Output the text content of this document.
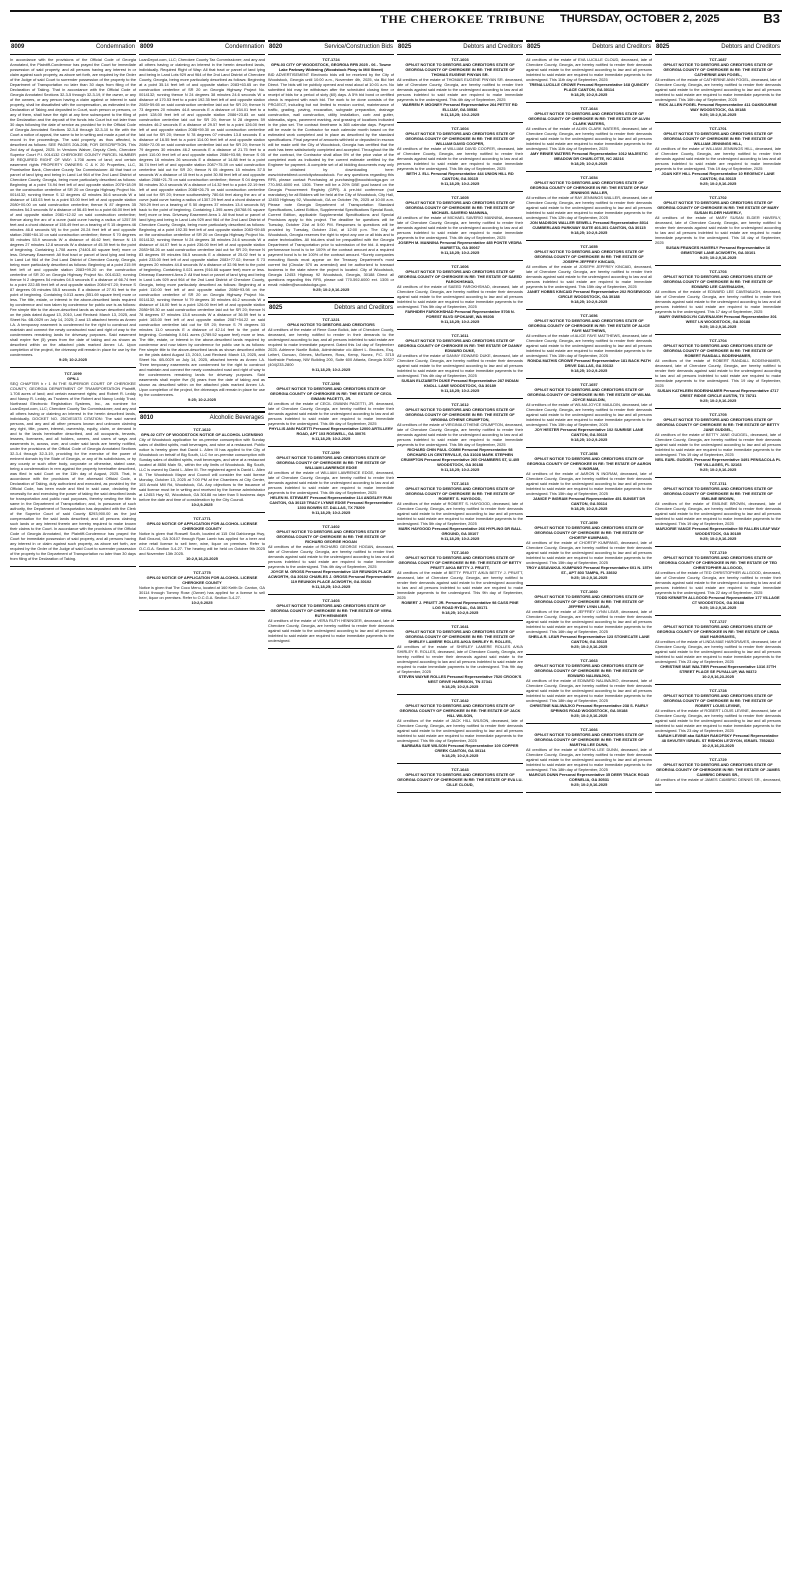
THE CHEROKEE TRIBUNE THURSDAY, OCTOBER 2, 2025	B3
8009	Condemnation
In accordance with the provisions of the Official Code of Georgia Annotated, the Plaintiff-Condemnor has prayed the Court for immediate possession of said property, and all persons having any interest in or claim against such property, as above set forth, are required by the Order of the Judge of said Court to surrender possession of the property to the Department of Transportation no later than 30 days from filing of the Declaration of Taking. That in accordance with the Official Code of Georgia Annotated Sections 32-3-5 through 32-3-19, if the owner, or any of the owners, or any person having a claim against or interest in said property, shall be dissatisfied with the compensation, as estimated in the Declaration of Taking and deposited in Court, such person or persons, or any of them, shall have the right at any time subsequent to the filing of the Declaration and the deposit of the funds into Court but not later than 30 days following the date of service as provided for in the Official Code of Georgia Annotated Sections 32-3-8 through 32-3-10 to file with the Court a notice of appeal, the same to be in writing and made a part of the record in the proceedings. The said property, as thus affected, is described as follows: SEE PAGES 20A-20B; FOR DESCRIPTION. This 2nd day of August, 2025. In Versions Waiver, Deputy Clerk, Cherokee Superior Court P.I. 0014132 CHEROKEE COUNTY PARCEL NUMBER 39 REQUIRED RIGHT OF WAY: 1.708 acres of land; and certain easement rights PROPERTY OWNERS: C & K 20 Properties, LLC, Promiseline Bank, Cherokee County Tax Commissioner. All that tract or parcel of land lying and being in Land Lot 964 of the 2nd Land District of Cherokee County, Georgia, being more particularly described as follows: Beginning at a point 74.94 feet left of and opposite station 2078+18.09 on the construction centerline of SR 20 on Georgia Highway Project No. 0014132; running thence S 12 degrees 42 minutes 36.6 seconds W a distance of 183.03 feet to a point 53.00 feet left of and opposite station 2080+00.00 on said construction centerline; thence N 87 degrees 35 minutes 54.3 seconds W a distance of 56.45 feet to a point 66.00 feet left of and opposite station 2081+12.02 on said construction centerline; thence along the arc of a curve (said curve having a radius of 1257.59 feet and a chord distance of 155.49 feet on a bearing of S 15 degrees 46 minutes 46.8 seconds W) to the point 20.24 feet left of and opposite station 2080+84.10 on said construction centerline; thence S 70 degrees 55 minutes 53.9 seconds W a distance of 46.62 feet; thence N 15 degrees 27 minutes 12.8 seconds W a distance of 45.39 feet to the point of beginning. Containing 1.708 acres (74401.60 square feet) more or less. Driveway Easement: All that tract or parcel of land lying and being in Land Lot 964 of the 2nd Land District of Cherokee County, Georgia, being more particularly described as follows: Beginning at a point 215.99 feet left of and opposite station 2083+99.20 on the construction centerline of SR 20 on Georgia Highway Project No. 0014132; running thence N 2 degrees 54 minutes 04.5 seconds E a distance of 66.74 feet to a point 222.85 feet left of and opposite station 2084+67.20; thence S 87 degrees 05 minutes 55.5 seconds E a distance of 27.91 feet to the point of beginning. Containing 0.013 acres (551.69 square feet) more or less. The title, estate, or interest in the above-described lands required by condemnor and now taken by condemnor for public use is as follows: Fee simple title to the above-described lands as shown described within on the plats dated August 13, 2010, Last Revised: March 13, 2025, and Sheet No. 6B-0029 on July 14, 2025; 2 and 13 attached hereto as Annex I-A. A temporary easement is condemned for the right to construct and maintain and connect the newly constructed road and right of way to the condemnees remaining lands for driveway purposes. Said easement shall expire five (5) years from the date of taking and as shown as described within on the attached plats marked Annex I-A. Upon completion of the project, the driveway will remain in place for use by the condemnees.
9:25; 10:2-2025
TCT-1099
GPN-1
SEQ CHAPTER h r 1 IN THE SUPERIOR COURT OF CHEROKEE COUNTY, GEORGIA DEPARTMENT OF TRANSPORTATION Plaintiff, 1.708 acres of land; and certain easement rights; and Robert R. Leddy and Nancy R. Leddy, as Trustees of the Robert and Nancy Leddy Trust; Northeast Electronic Registration Systems, Inc., as nominee for LoanDepot.com, LLC; Cherokee County Tax Commissioner; and any and all others having or claiming an interest in the herein described lands, individually. DOCKET NO. 25CVE1573 CITATION: The said named persons, and any and all other persons known and unknown claiming any right, title, power, interest, ownership, equity, claim, or demand in and to the lands hereinafter described, and all occupants, tenants, lessees, licensees, and all holders, owners, and users of ways and easements in, across, over, and under said lands are hereby notified, under the provisions of the Official Code of Georgia Annotated Sections 32-3-4 through 32-3-19, providing for the exercise of the power of eminent domain by the State of Georgia, or any of its subdivisions, or by any county or such other body, corporate or otherwise, stated case, being a condemnation in rem against the property hereinafter described, was filed in said Court on the 11th day of August, 2025. That, in accordance with the provisions of the aforesaid Official Code, a Declaration of Taking, duly authorized and executed, as provided by the Official Code, has been made and filed in said case, declaring the necessity for and exercising the power of taking the said described lands for transportation and public road purposes, thereby vesting the title to same in the Department of Transportation; and, in pursuance of such authority, the Department of Transportation has deposited with the Clerk of the Superior Court of said County $293,900.00 as the just compensation for the said lands described; and all persons claiming such lands or any interest therein are hereby required to make known their claims to the Court. In accordance with the provisions of the Official Code of Georgia Annotated, the Plaintiff-Condemnor has prayed the Court for immediate possession of said property, and all persons having any interest in or claim against such property, as above set forth, are required by the Order of the Judge of said Court to surrender possession of the property to the Department of Transportation no later than 30 days from filing of the Declaration of Taking.
8009	Condemnation
LoanDepot.com, LLC; Cherokee County Tax Commissioner; and any and all others having or claiming an interest in the herein described lands, individually. Required Right of Way: All that tract or parcel of land lying and being in Land Lots 929 and 964 of the 2nd Land District of Cherokee County, Georgia, being more particularly described as follows: Beginning at a point 35.14 feet left of and opposite station 2083+63.65 on the construction centerline of SR 20 on Georgia Highway Project No. 0014132; running thence N 24 degrees 38 minutes 24.6 seconds W a distance of 170.53 feet to a point 192.35 feet left of and opposite station 2083+59.65 on said construction centerline laid out for SR 20; thence N 73 degrees 20 minutes 44.8 seconds E a distance of 154.01 feet to a point 128.00 feet left of and opposite station 2086+23.83 on said construction centerline laid out for SR 20; thence N 28 degrees 59 minutes 46.2 seconds E a distance of 29.57 feet to a point 126.00 feet left of and opposite station 2086+59.30 on said construction centerline laid out for SR 20; thence N 78 degrees 07 minutes 13.8 seconds E a distance of 16.55 feet to a point 114.00 feet left of and opposite station 2086+72.05 on said construction centerline laid out for SR 20; thence N 79 degrees 30 minutes 46.2 seconds E a distance of 21.75 feet to a point 110.00 feet left of and opposite station 2086+93.98; thence S 05 degrees 16 minutes 26 seconds E a distance of 14.88 feet to a point 36.74 feet left of and opposite station 2087+75.39 on said construction centerline laid out for SR 20; thence N 05 degrees 15 minutes 37.5 seconds W a distance of 15 feet to a point 30.98 feet left of and opposite station 2088+21.75 on said construction centerline; thence S 04 degrees 56 minutes 30.4 seconds W a distance of 14.32 feet to a point 22.19 feet left of and opposite station 2088+26.75 on said construction centerline laid out for SR 20; thence southwesterly 780.64 feet along the arc of a curve (said curve having a radius of 1307.29 feet and a chord distance of 769.29 feet on a bearing of S 50 degrees 37 minutes 13.4 seconds W) back to the point of beginning. Containing 1.395 acres (60768.91 square feet) more or less. Driveway Easement Area 1: All that tract or parcel of land lying and being in Land Lots 929 and 964 of the 2nd Land District of Cherokee County, Georgia, being more particularly described as follows: Beginning at a point 192.35 feet left of and opposite station 2083+59.65 on the construction centerline of SR 20 on Georgia Highway Project No. 0014132; running thence N 24 degrees 38 minutes 24.6 seconds W a distance of 44.07 feet to a point 236.00 feet left of and opposite station 2083+58.26 on said construction centerline laid out for SR 20; thence N 83 degrees 09 minutes 56.5 seconds E a distance of 25.02 feet to a point 233.00 feet left of and opposite station 2083+77.02; thence S 73 degrees 20 minutes 44.8 seconds W a distance of 32.96 feet to the point of beginning. Containing 0.021 acres (916.66 square feet) more or less. Driveway Easement Area 2: All that tract or parcel of land lying and being in Land Lots 929 and 964 of the 2nd Land District of Cherokee County, Georgia, being more particularly described as follows: Beginning at a point 110.00 feet left of and opposite station 2086+93.98 on the construction centerline of SR 20 on Georgia Highway Project No. 0014132; running thence N 79 degrees 30 minutes 46.2 seconds W a distance of 16.00 feet to a point 126.00 feet left of and opposite station 2086+59.30 on said construction centerline laid out for SR 20; thence N 78 degrees 07 minutes 13.8 seconds W a distance of 36.59 feet to a point 163.00 feet left of and opposite station 2087+54.22 on said construction centerline laid out for SR 20; thence S 79 degrees 33 minutes 11.0 seconds E a distance of 42.14 feet to the point of beginning. Containing 0.041 acres (1789.52 square feet) more or less. The title, estate, or interest in the above-described lands required by condemnor and now taken by condemnor for public use is as follows: Fee simple title to the above-described lands as shown described within on the plats dated August 13, 2010, Last Revised: March 13, 2025, and Sheet No. 6B-0029 on July 14, 2025, attached hereto as Annex I-A. Three temporary easements are condemned for the right to construct and maintain and connect the newly constructed road and right of way to the condemnees remaining lands for driveway purposes. Said easements shall expire five (5) years from the date of taking and as shown as described within on the attached plats marked Annex I-A. Upon completion of the project, the driveways will remain in place for use by the condemnees.
9:25; 10:2-2025
8010	Alcoholic Beverages
TCT-1622
GPN-02 CITY OF WOODSTOCK NOTICE OF ALCOHOL LICENSING
City of Woodstock application for on-premise consumption with Sunday sales of distilled spirits, malt beverages, and wine at a restaurant. Public notice is hereby given that David L. Allen III has applied to the City of Woodstock on behalf of Big South, LLC for on-premise consumption with Sunday sales of distilled spirits, malt beverages, and wine at a restaurant located at 8656 Main St., within the city limits of Woodstock. Big South, LLC is owned by David L. Allen III. The registered agent is David L. Allen III. The Woodstock Mayor and Council will consider the said license Monday, October 13, 2025 at 7:00 PM at the Chambers at City Center, 103 Arnold Mill Rd, Woodstock, GA. Any objections to the issuance of said license must be in writing and received by the license administrator at 12453 Hwy 92, Woodstock, GA 30188 no later than 5 business days before the date and time of consideration by the City Council.
10:2,9-2025
TCT-1771
GPN-02 NOTICE OF APPLICATION FOR ALCOHOL LICENSE CHEROKEE COUNTY
Notice is given that Roswell South, located at 115 Old Dahlonega Hwy, Ball Ground, GA 30107 through Ryan Lamb has applied for a beer and wine retail license to sell beer, wine, liquor on premises. Refer to O.C.G.A. Section 3-4-27. The hearing will be held on October 9th 2025 and November 13th 2025.
10:2,9,16,23-2025
TCT-1775
GPN-02 NOTICE OF APPLICATION FOR ALCOHOL LICENSE CHEROKEE COUNTY
Notice is given that The Coco Menu, located at 160 Keith Dr. Canton, GA 30114 through Tommy Rose (Owner) has applied for a license to sell beer, liquor on premises. Refer to O.C.G.A. Section 3-4-27.
10:2,9-2025
8020	Service/Construction Bids
TCT-1724
GPN-03 CITY OF WOODSTOCK, GEORGIA RFB 2025 - 06 - Towne Lake Parkway Widening (Woodstock Pkwy to Mill Street)
BID ADVERTISEMENT Electronic bids will be received by the City of Woodstock, Georgia until 10:00 a.m., November 4th, 2025, via Bid Net Direct. The bids will be publicly opened and read aloud at 10:01 a.m. No submitted bid may be withdrawn after the scheduled closing time or receipt of bids for a period of sixty (60) days. A 5% bid bond or certified check is required with each bid. The work to be done consists of the PROJECT, including but not limited to erosion control, maintenance of traffic, grading, paving, excavation, subgrade preparation, drainage construction, wall construction, utility installation, curb and gutter, sidewalks, signs, pavement marking, and grassing of locations indicated in the plan set. The contract timeframe is 365 calendar days. Payment will be made to the Contractor for each calendar month based on the estimated work completed and in place as described by the standard specifications. Final payment of amounts withheld or deposited in escrow will be made until the City of Woodstock, Georgia has certified that the work has been satisfactorily completed and accepted. Throughout the life of the contract, the Contractor shall allow 5% of the price value of the completed work as indicated by the current estimate certified by the Engineer for payment. A complete set of all bidding documents may only be obtained by downloading here: www.bidnetdirect.com/cityofwoodstock. For any questions regarding this RFB, please contact Purchasing at purchasing@woodstockga.gov or 770-592-6000 ext. 1305. There will be a 20% DBE goal based on the Georgia Procurement Registry (GPR). A pre-bid conference (not mandatory) for all Bidders will be held at the City of Woodstock, City Hall, 12453 Highway 92, Woodstock, GA on October 7th, 2025 at 10:00 a.m. Please note Georgia Department of Transportation Standard Specifications, Latest Edition, Supplemental Specifications Special Book, Current Edition, applicable Supplemental Specifications and Special Provisions apply to this project. The deadline for questions will be Tuesday, October 21st at 5:00 PM. Responses to questions will be provided by Tuesday, October 21st, at 12:00 p.m. The City of Woodstock, Georgia reserves the right to reject any one or all bids and to waive technicalities. All bid-ders shall be prequalified with the Georgia Department of Transportation prior to submission of the bid. A required performance bond is to be 100% of the contract amount and a required payment bond is to be 100% of the contract amount. *Surety companies executing Bonds must appear on the Treasury Department's most current list (Circular 570 as amended) and be authorized to transact business in the state where the project is located. City of Woodstock, Georgia 12453 Highway 92 Woodstock, Georgia, 30188 Direct all questions regarding this RFB, please call 770-592-6000 ext. 1305 or email: mlallen@woodstockga.gov.
9:25; 10:2,9,16-2025
8025	Debtors and Creditors
TCT-1221
GPN-6 NOTICE TO DEBTORS AND CREDITORS
All creditors of the estate of Rene Gose Bolick, late of Cherokee County, deceased, are hereby notified to render in their demands to the undersigned according to law, and all persons indebted to said estate are required to make immediate payment. Dated this 1st day of September 2025. Adrienne Noelle Bolick, Administrator c/o Albert L. Brookes, Esq. Leitert, Duncan, Grimes, McSween, Ross, Kemp, Nunez, P.C. 3715 Northside Parkway, NW Building 200, Suite 600 Atlanta, Georgia 30327 (404)233-2800
9:11,18,25; 10:2-2025
TCT-1298
GPN-07 NOTICE TO DEBTORS AND CREDITORS STATE OF GEORGIA COUNTY OF CHEROKEE IN RE: THE ESTATE OF CECIL GWANN PACETTI, JR.
All creditors of the estate of CECIL GWANN PACETTI, JR. deceased, late of Cherokee County, Georgia, are hereby notified to render their demands against said estate to the undersigned according to law and all persons indebted to said estate are required to make immediate payments to the undersigned. This 4th day of September, 2025
PHYLLIS ANN PACETTI Personal Representative 12000 ARTILLERY ROAD, APT 103 ROSWELL, GA 30076
9:11,18,25; 10:2-2025
TCT-1299
GPN-07 NOTICE TO DEBTORS AND CREDITORS STATE OF GEORGIA COUNTY OF CHEROKEE IN RE: THE ESTATE OF WILLIAM LAWRENCE EDGE
All creditors of the estate of WILLIAM LAWRENCE EDGE, deceased, late of Cherokee County, Georgia, are hereby notified to render their demands against said estate to the undersigned according to law and all persons indebted to said estate are required to make immediate payments to the undersigned. This 4th day of September, 2025
HELEN M. STEWART Personal Representative 114 ANDSLEY RUN CANTON, GA 30115 TRACY LYNNE EDGE Personal Representative 1303 BOWEN ST. DALLAS, TX 75209
9:11,18,25; 10:2-2025
TCT-1402
GPN-07 NOTICE TO DEBTORS AND CREDITORS STATE OF GEORGIA COUNTY OF CHEROKEE IN RE: THE ESTATE OF RICHARD GEORGE HOGAN
All creditors of the estate of RICHARD GEORGE HOGAN, deceased, late of Cherokee County, Georgia, are hereby notified to render their demands against said estate to the undersigned according to law and all persons indebted to said estate are required to make immediate payments to the undersigned. This 4th day of September, 2025
JOYCE M. GROSS Personal Representative 119 REUNION PLACE ACWORTH, GA 30102 CHARLES J. GROSS Personal Representative 119 REUNION PLACE ACWORTH, GA 30102
9:11,18,25; 10:2-2025
TCT-1403
GPN-07 NOTICE TO DEBTORS AND CREDITORS STATE OF GEORGIA COUNTY OF CHEROKEE IN RE: THE ESTATE OF VERA RUTH HENINGER
All creditors of the estate of VERA RUTH HENINGER, deceased, late of Cherokee County, Georgia, are hereby notified to render their demands against said estate to the undersigned according to law and all persons indebted to said estate are required to make immediate payments to the undersigned.
8025	Debtors and Creditors
TCT-1603
GPN-07 NOTICE TO DEBTORS AND CREDITORS STATE OF GEORGIA COUNTY OF CHEROKEE IN RE: THE ESTATE OF THOMAS EUGENE PINYAN SR.
All creditors of the estate of THOMAS EUGENE PINYAN SR. deceased, late of Cherokee County, Georgia, are hereby notified to render their demands against said estate to the undersigned according to law and all persons indebted to said estate are required to make immediate payments to the undersigned. This 4th day of September, 2025
WARREN P. MOONEY Personal Representative 264 PETTIT RD ELLIJAY, GA 30536
9:11,18,25; 10:2-2025
TCT-1604
GPN-07 NOTICE TO DEBTORS AND CREDITORS STATE OF GEORGIA COUNTY OF CHEROKEE IN RE: THE ESTATE OF WILLIAM DAVID COOPER,
All creditors of the estate of WILLIAM DAVID COOPER, deceased, late of Cherokee County, Georgia, are hereby notified to render their demands against said estate to the undersigned according to law and all persons indebted to said estate are required to make immediate payments to the undersigned. This 5th day of September, 2025
BETH J. ELL Personal Representative 444 UNION HILL RD CANTON, GA 30115
9:11,18,25; 10:2-2025
TCT-1605
GPN-07 NOTICE TO DEBTORS AND CREDITORS STATE OF GEORGIA COUNTY OF CHEROKEE IN RE: THE ESTATE OF MICHAEL SAVERIO MANNINA,
All creditors of the estate of MICHAEL SAVERIO MANNINA, deceased, late of Cherokee County, Georgia, are hereby notified to render their demands against said estate to the undersigned according to law and all persons indebted to said estate are required to make immediate payments to the undersigned. This 4th day of September, 2025
JOSEPH M. MANNINA Personal Representative 485 PONTE VEDRA MARIETTA, GA 30067
9:11,18,25; 10:2-2025
TCT-1606
GPN-07 NOTICE TO DEBTORS AND CREDITORS STATE OF GEORGIA COUNTY OF CHEROKEE IN RE: THE ESTATE OF SAEED FAROKHSHAD,
All creditors of the estate of SAEED FAROKHSHAD, deceased, late of Cherokee County, Georgia, are hereby notified to render their demands against said estate to the undersigned according to law and all persons indebted to said estate are required to make immediate payments to the undersigned. This 5th day of September, 2025
FARHIDEH FAROKHSHAD Personal Representative 5708 N. FOREST BLVD SPOKANE, WA 99208
9:11,18,25; 10:2-2025
TCT-1611
GPN-07 NOTICE TO DEBTORS AND CREDITORS STATE OF GEORGIA COUNTY OF CHEROKEE IN RE: THE ESTATE OF DANNY EDWARD DUKE,
All creditors of the estate of DANNY EDWARD DUKE, deceased, late of Cherokee County, Georgia, are hereby notified to render their demands against said estate to the undersigned according to law and all persons indebted to said estate are required to make immediate payments to the undersigned. This 4th day of September, 2025
SUSAN ELIZABETH DUKE Personal Representative 287 INDIAN KNOLL LANE WOODSTOCK, GA 30189
9:11,18,25; 10:2-2025
TCT-1612
GPN-07 NOTICE TO DEBTORS AND CREDITORS STATE OF GEORGIA COUNTY OF CHEROKEE IN RE: THE ESTATE OF VIRGINIA OTHENE CRUMPTON,
All creditors of the estate of VIRGINIA OTHENE CRUMPTON, deceased, late of Cherokee County, Georgia, are hereby notified to render their demands against said estate to the undersigned according to law and all persons indebted to said estate are required to make immediate payments to the undersigned. This 5th day of September, 2025
RICHARD CHIN PAUL COMM Personal Representative 98 ORCHARD LN CENTERVILLE, GA 31028 MARK STEPHEN CRUMPTON Personal Representative 260 CHAMBERS ST, U-405 WOODSTOCK, GA 30188
9:11,18,25; 10:2-2025
TCT-1613
GPN-07 NOTICE TO DEBTORS AND CREDITORS STATE OF GEORGIA COUNTY OF CHEROKEE IN RE: THE ESTATE OF ROBERT S. HAYGOOD,
All creditors of the estate of ROBERT S. HAYGOOD, deceased, late of Cherokee County, Georgia, are hereby notified to render their demands against said estate to the undersigned according to law and all persons indebted to said estate are required to make immediate payments to the undersigned. This 5th day of September, 2025
MARK HAYGOOD Personal Representative 266 HYPLING DR BALL GROUND, GA 30107
9:11,18,25; 10:2-2025
TCT-1640
GPN-07 NOTICE TO DEBTORS AND CREDITORS STATE OF GEORGIA COUNTY OF CHEROKEE IN RE: THE ESTATE OF BETTY PRUITT A/K/A BETTY J. PRUITT,
All creditors of the estate of BETTY PRUITT A/K/A BETTY J. PRUITT, deceased, late of Cherokee County, Georgia, are hereby notified to render their demands against said estate to the undersigned according to law and all persons indebted to said estate are required to make immediate payments to the undersigned. This 9th day of September, 2025
ROBERT J. PRUITT JR. Personal Representative 98 CASS PINE LOG ROAD RYDAL, GA 30171
9:18,25; 10:2,9-2025
TCT-1641
GPN-07 NOTICE TO DEBTORS AND CREDITORS STATE OF GEORGIA COUNTY OF CHEROKEE IN RE: THE ESTATE OF SHIRLEY LAMERE ROLLES A/K/A SHIRLEY R. ROLLES,
All creditors of the estate of SHIRLEY LAMERE ROLLES A/K/A SHIRLEY R. ROLLES, deceased, late of Cherokee County, Georgia, are hereby notified to render their demands against said estate to the undersigned according to law and all persons indebted to said estate are required to make immediate payments to the undersigned. This 9th day of September, 2025
STEVEN WAYNE ROLLES Personal Representative 7520 CROOK'S NEST DRIVE HARRISON, TN 37341
9:18,25; 10:2,9-2025
TCT-1642
GPN-07 NOTICE TO DEBTORS AND CREDITORS STATE OF GEORGIA COUNTY OF CHEROKEE IN RE: THE ESTATE OF JACK HILL WILSON,
All creditors of the estate of JACK HILL WILSON, deceased, late of Cherokee County, Georgia, are hereby notified to render their demands against said estate to the undersigned according to law and all persons indebted to said estate are required to make immediate payments to the undersigned. This 9th day of September, 2025
BARBARA SUE WILSON Personal Representative 100 COPPER CREEK CANTON, GA 30114
9:18,25; 10:2,9-2025
TCT-1643
GPN-07 NOTICE TO DEBTORS AND CREDITORS STATE OF GEORGIA COUNTY OF CHEROKEE IN RE: THE ESTATE OF EVA LU-CILLE CLOUD,
8025	Debtors and Creditors
All creditors of the estate of EVA LUCILLE CLOUD, deceased, late of Cherokee County, Georgia, are hereby notified to render their demands against said estate to the undersigned according to law and all persons indebted to said estate are required to make immediate payments to the undersigned. This 11th day of September, 2025
TRENA LUCILLE CROWE Personal Representative 168 QUINCEY PLACE CANTON, GA 30114
9:18,25; 10:2,9-2025
TCT-1644
GPN-07 NOTICE TO DEBTORS AND CREDITORS STATE OF GEORGIA COUNTY OF CHEROKEE IN RE: THE ESTATE OF ALVIN CLARK WATERS,
All creditors of the estate of ALVIN CLARK WATERS, deceased, late of Cherokee County, Georgia, are hereby notified to render their demands against said estate to the undersigned according to law and all persons indebted to said estate are required to make immediate payments to the undersigned. This 11th day of September, 2025
AMY RENEE WATERS Personal Representative 1012 MAJESTIC MEADOW DR CHARLOTTE, NC 28216
9:18,25; 10:2,9-2025
TCT-1654
GPN-07 NOTICE TO DEBTORS AND CREDITORS STATE OF GEORGIA COUNTY OF CHEROKEE IN RE: THE ESTATE OF RAY JENNINGS WALLER,
All creditors of the estate of RAY JENNINGS WALLER, deceased, late of Cherokee County, Georgia, are hereby notified to render their demands against said estate to the undersigned according to law and all persons indebted to said estate are required to make immediate payments to the undersigned. This 12th day of September, 2025
JON MADISON WALLER SEWELL Personal Representative 8014 CUMBERLAND PARKWAY SUITE 403-301 CANTON, GA 30115
9:18,25; 10:2,9-2025
TCT-1655
GPN-07 NOTICE TO DEBTORS AND CREDITORS STATE OF GEORGIA COUNTY OF CHEROKEE IN RE: THE ESTATE OF JOSEPH JEFFREY KINCAID,
All creditors of the estate of JOSEPH JEFFREY KINCAID, deceased, late of Cherokee County, Georgia, are hereby notified to render their demands against said estate to the undersigned according to law and all persons indebted to said estate are required to make immediate payments to the undersigned. This 15th day of September, 2025
JANET HOBBS KINCAID Personal Representative 202 ROSEWOOD CIRCLE WOODSTOCK, GA 30188
9:18,25; 10:2,9-2025
TCT-1656
GPN-07 NOTICE TO DEBTORS AND CREDITORS STATE OF GEORGIA COUNTY OF CHEROKEE IN RE: THE ESTATE OF ALICE FAYE MATTHEWS,
All creditors of the estate of ALICE FAYE MATTHEWS, deceased, late of Cherokee County, Georgia, are hereby notified to render their demands against said estate to the undersigned according to law and all persons indebted to said estate are required to make immediate payments to the undersigned. This 15th day of September, 2025
RONDA MATHIS CROWE Personal Representative 181 BACK PATH DRIVE DALLAS, GA 30132
9:18,25; 10:2,9-2025
TCT-1657
GPN-07 NOTICE TO DEBTORS AND CREDITORS STATE OF GEORGIA COUNTY OF CHEROKEE IN RE: THE ESTATE OF WILMA JOYCE MAULDIN,
All creditors of the estate of WILMA JOYCE MAULDIN, deceased, late of Cherokee County, Georgia, are hereby notified to render their demands against said estate to the undersigned according to law and all persons indebted to said estate are required to make immediate payments to the undersigned. This 15th day of September, 2025
JOY HESTER Personal Representative 102 SUNRISE LANE CANTON, GA 30115
9:18,25; 10:2,9-2025
TCT-1658
GPN-07 NOTICE TO DEBTORS AND CREDITORS STATE OF GEORGIA COUNTY OF CHEROKEE IN RE: THE ESTATE OF AARON N INGRAM,
All creditors of the estate of AARON N INGRAM, deceased, late of Cherokee County, Georgia, are hereby notified to render their demands against said estate to the undersigned according to law and all persons indebted to said estate are required to make immediate payments to the undersigned. This 15th day of September, 2025
JANICE P INGRAM Personal Representative 451 SUNSET DR CANTON, GA 30114
9:18,25; 10:2,9-2025
TCT-1659
GPN-07 NOTICE TO DEBTORS AND CREDITORS STATE OF GEORGIA COUNTY OF CHEROKEE IN RE: THE ESTATE OF CHORTIP KUMPANG,
All creditors of the estate of CHORTIP KUMPANG, deceased, late of Cherokee County, Georgia, are hereby notified to render their demands against said estate to the undersigned according to law and all persons indebted to said estate are required to make immediate payments to the undersigned. This 15th day of September, 2025
TROY ASSAVAKUL KUMPANG Personal Representative 601 N. 15TH ST., APT 803 TAMPA, FL 33602
9:25; 10:2,9,16-2025
TCT-1660
GPN-07 NOTICE TO DEBTORS AND CREDITORS STATE OF GEORGIA COUNTY OF CHEROKEE IN RE: THE ESTATE OF JEFFREY LYNN LEAR,
All creditors of the estate of JEFFREY LYNN LEAR, deceased, late of Cherokee County, Georgia, are hereby notified to render their demands against said estate to the undersigned according to law and all persons indebted to said estate are required to make immediate payments to the undersigned. This 16th day of September, 2025
SHEILA R. LEAR Personal Representative 123 STONECATE LANE CANTON, GA 30115
9:25; 10:2,9,16-2025
TCT-1663
GPN-07 NOTICE TO DEBTORS AND CREDITORS STATE OF GEORGIA COUNTY OF CHEROKEE IN RE: THE ESTATE OF EDWARD NALIWAJKO,
All creditors of the estate of EDWARD NALIWAJKO, deceased, late of Cherokee County, Georgia, are hereby notified to render their demands against said estate to the undersigned according to law and all persons indebted to said estate are required to make immediate payments to the undersigned. This 18th day of September, 2025
CHRISTINE NALIWAJKO Personal Representative 238 S. FAIRLY SPRINGS ROAD WOODSTOCK, GA 30188
9:25; 10:2,9,16-2025
TCT-1666
GPN-07 NOTICE TO DEBTORS AND CREDITORS STATE OF GEORGIA COUNTY OF CHEROKEE IN RE: THE ESTATE OF MARTHA LEE DUNN,
All creditors of the estate of MARTHA LEE DUNN, deceased, late of Cherokee County, Georgia, are hereby notified to render their demands against said estate to the undersigned according to law and all persons indebted to said estate are required to make immediate payments to the undersigned. This 18th day of September, 2025
MARCUS DUNN Personal Representative 35 DEER TRACK ROAD CORNELIA, GA 30531
9:25; 10:2,9,16-2025
8025	Debtors and Creditors
TCT-1687
GPN-07 NOTICE TO DEBTORS AND CREDITORS STATE OF GEORGIA COUNTY OF CHEROKEE IN RE: THE ESTATE OF CATHERINE ANN FOGEL,
All creditors of the estate of CATHERINE ANN FOGEL, deceased, late of Cherokee County, Georgia, are hereby notified to render their demands against said estate to the undersigned according to law and all persons indebted to said estate are required to make immediate payments to the undersigned. This 16th day of September, 2025
RICK ALLEN FOGEL Personal Representative 411 OAKBOURNE WAY WOODSTOCK, GA 30188
9:25; 10:2,9,16-2025
TCT-1701
GPN-07 NOTICE TO DEBTORS AND CREDITORS STATE OF GEORGIA COUNTY OF CHEROKEE IN RE: THE ESTATE OF WILLIAM JENNINGS HILL,
All creditors of the estate of WILLIAM JENNINGS HILL, deceased, late of Cherokee County, Georgia, are hereby notified to render their demands against said estate to the undersigned according to law and all persons indebted to said estate are required to make immediate payments to the undersigned. This 19 day of September, 2025
JOAN KEY HILL Personal Representative 10 REGENCY LANE CANTON, GA 30115
9:25; 10:2,9,16-2025
TCT-1702
GPN-07 NOTICE TO DEBTORS AND CREDITORS STATE OF GEORGIA COUNTY OF CHEROKEE IN RE: THE ESTATE OF MARY SUSAN ELDER HAVERLY,
All creditors of the estate of MARY SUSAN ELDER HAVERLY, deceased, late of Cherokee County, Georgia, are hereby notified to render their demands against said estate to the undersigned according to law and all persons indebted to said estate are required to make immediate payments to the undersigned. This 18 day of September, 2025
SUSAN FRANCES HAVERLY Personal Representative 16 GEMSTONE LANE ACWORTH, GA 30101
9:25; 10:2,9,16-2025
TCT-1703
GPN-07 NOTICE TO DEBTORS AND CREDITORS STATE OF GEORGIA COUNTY OF CHEROKEE IN RE: THE ESTATE OF EDWARD LEE CAVENAUGH,
All creditors of the estate of EDWARD LEE CAVENAUGH, deceased, late of Cherokee County, Georgia, are hereby notified to render their demands against said estate to the undersigned according to law and all persons indebted to said estate are required to make immediate payments to the undersigned. This 17 day of September, 2025
MARY GWENDOLYN CAVENAUGH Personal Representative 301 WEST LN WOODSTOCK, GA 30188
9:25; 10:2,9,16-2025
TCT-1704
GPN-07 NOTICE TO DEBTORS AND CREDITORS STATE OF GEORGIA COUNTY OF CHEROKEE IN RE: THE ESTATE OF ROBERT RANDALL BODENHAMER,
All creditors of the estate of ROBERT RANDALL BODENHAMER, deceased, late of Cherokee County, Georgia, are hereby notified to render their demands against said estate to the undersigned according to law and all persons indebted to said estate are required to make immediate payments to the undersigned. This 19 day of September, 2025
SUSAN KATHLEEN BODENHAMER Personal Representative 4717 CREST RIDGE CIRCLE AUSTIN, TX 78731
9:25; 10:2,9,16-2025
TCT-1705
GPN-07 NOTICE TO DEBTORS AND CREDITORS STATE OF GEORGIA COUNTY OF CHEROKEE IN RE: THE ESTATE OF BETTY JANE GUDGEL,
All creditors of the estate of BETTY JANE GUDGEL, deceased, late of Cherokee County, Georgia, are hereby notified to render their demands against said estate to the undersigned according to law and all persons indebted to said estate are required to make immediate payments to the undersigned. This 19 day of September, 2025
NEIL EARL GUDGEL Personal Representative 3491 PENSACOLA PL THE VILLAGES, FL 32163
9:25; 10:2,9,16-2025
TCT-1711
GPN-07 NOTICE TO DEBTORS AND CREDITORS STATE OF GEORGIA COUNTY OF CHEROKEE IN RE: THE ESTATE OF EMILINE BROWN,
All creditors of the estate of EMILINE BROWN, deceased, late of Cherokee County, Georgia, are hereby notified to render their demands against said estate to the undersigned according to law and all persons indebted to said estate are required to make immediate payments to the undersigned. This 19 day of September, 2025
MARJORIE VANCE Personal Representative 50 FALLEN LEAF WAY WOODSTOCK, GA 30189
9:25; 10:2,9,16-2025
TCT-1719
GPN-07 NOTICE TO DEBTORS AND CREDITORS STATE OF GEORGIA COUNTY OF CHEROKEE IN RE: THE ESTATE OF TED CHRISTOPHER ALLGOOD,
All creditors of the estate of TED CHRISTOPHER ALLGOOD, deceased, late of Cherokee County, Georgia, are hereby notified to render their demands against said estate to the undersigned according to law and all persons indebted to said estate are required to make immediate payments to the undersigned. This 22 day of September, 2025
TODD KENNETH ALLGOOD Personal Representative 177 VILLAGE CT WOODSTOCK, GA 30188
9:25; 10:2,9,16-2025
TCT-1727
GPN-07 NOTICE TO DEBTORS AND CREDITORS STATE OF GEORGIA COUNTY OF CHEROKEE IN RE: THE ESTATE OF LINDA MAE HARGRAVES,
All creditors of the estate of LINDA MAE HARGRAVES, deceased, late of Cherokee County, Georgia, are hereby notified to render their demands against said estate to the undersigned according to law and all persons indebted to said estate are required to make immediate payments to the undersigned. This 23 day of September, 2025
CHRISTINE MAE WALTIER Personal Representative 1316 37TH STREET PLACE SE PUYALLUP, WA 98372
10:2,9,16,23-2025
TCT-1728
GPN-07 NOTICE TO DEBTORS AND CREDITORS STATE OF GEORGIA COUNTY OF CHEROKEE IN RE: THE ESTATE OF ROBERT LOUIS LEVINE,
All creditors of the estate of ROBERT LOUIS LEVINE, deceased, late of Cherokee County, Georgia, are hereby notified to render their demands against said estate to the undersigned according to law and all persons indebted to said estate are required to make immediate payments to the undersigned. This 23 day of September, 2025
SARAH LEVINE aka SARAH RAKOFSKY Personal Representative 48 SHVUTEY ISRAEL ST RISHON LE'ZIYON, ISRAEL 7552822
10:2,9,16,23-2025
TCT-1729
GPN-07 NOTICE TO DEBTORS AND CREDITORS STATE OF GEORGIA COUNTY OF CHEROKEE IN RE: THE ESTATE OF JAMES CAMBRIC DENNIS SR.,
All creditors of the estate of JAMES CAMBRIC DENNIS SR., deceased, late
